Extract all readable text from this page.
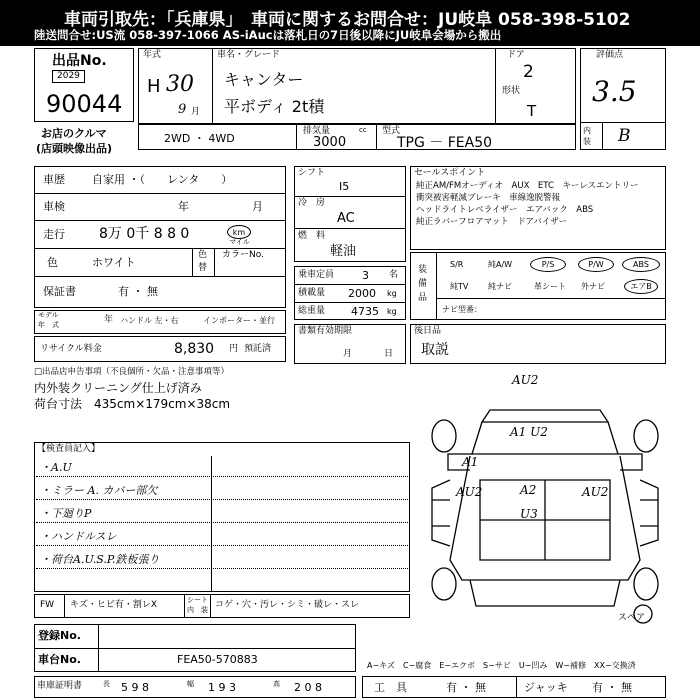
車両引取先：「兵庫県」　車両に関するお問合せ：JU岐阜 058-398-5102
陸送問合せ:US流 058-397-1066 AS-iAucは落札日の7日後以降にJU岐阜会場から搬出
出品No.
2029
90044
お店のクルマ
(店頭映像出品)
年式
H 30
9 月
車名・グレード
キャンター
平ボディ 2t積
ドア
2
形状
T
評価点
3.5
内装	B
2WD ・ 4WD
排気量	cc
3000
型式
TPG － FEA50
車歴 自家用 ・（　　レンタ　　）
車検	年	月
走行 8万 0千 8 8 0	km
マイル
色	ホワイト
色
替
カラーNo.
保証書	有 ・ 無
モデル
年　式	年 ハンドル 左・右	インポーター・並行
リサイクル料金	8,830 円 預託済
シフト
I5
冷　房
AC
燃　料
軽油
乗車定員	3 名
積載量 2000 kg
総重量 4735 kg
書類有効期限
月	日
セールスポイント
純正AM/FMオーディオ　AUX　ETC　キーレスエントリー
衝突被害軽減ブレーキ　車線逸脱警報
ヘッドライトレベライザー　エアバック　ABS
純正ラバーフロアマット　ドアバイザー
装
備
品
S/R	純A/W	P/S	P/W	ABS
純TV 純ナビ	革シート 外ナビ	エアB
ナビ型番：
後日品
取説
□出品店申告事項（不良個所・欠品・注意事項等）
内外装クリーニング仕上げ済み
荷台寸法　435cm×179cm×38cm
【検査員記入】
・A.U
・ミラー A. カバー部欠
・下廻りP
・ハンドルスレ
・荷台A.U.S.P.鉄板張り
AU2
A1 U2
A1
AU2	A2
U3
AU2
スペア
FW キズ・ヒビ有・割レX	シート
内　装 コゲ・穴・汚レ・シミ・破レ・スレ
登録No.
車台No.	FEA50-570883	A−キズ　C−腐食　E−エクボ　S−サビ　U−凹み　W−補修　XX−交換済
車庫証明書	長 5 9 8	幅 1 9 3	高 2 0 8	工　具	有 ・ 無	ジャッキ 有 ・ 無
